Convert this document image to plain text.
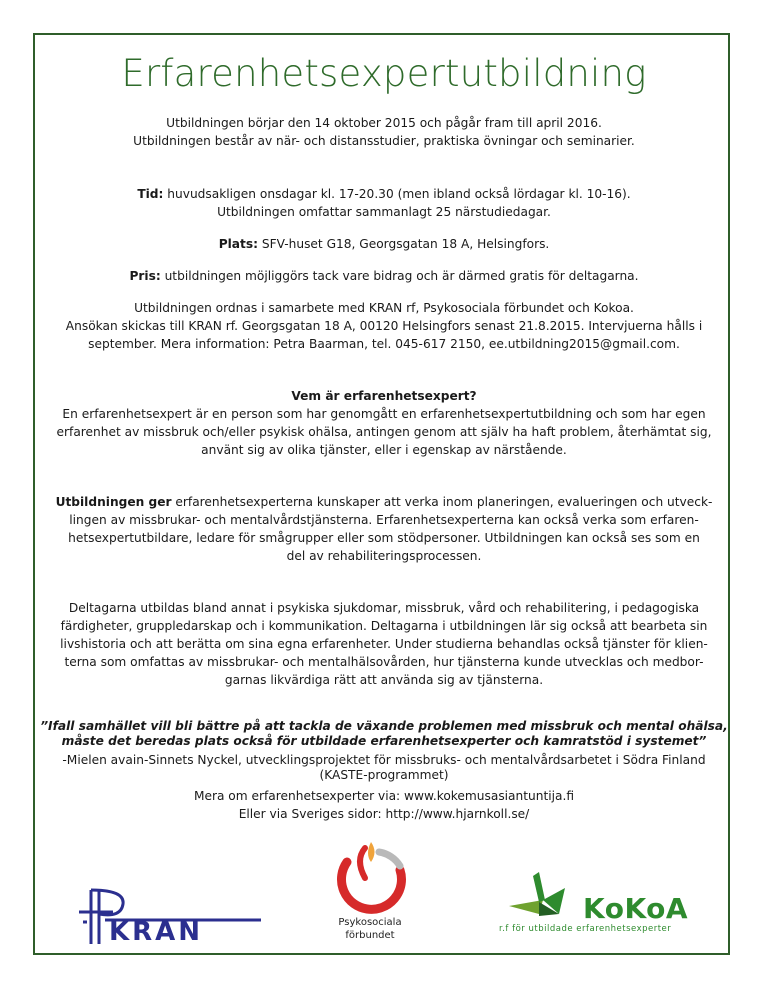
Erfarenhetsexpertutbildning

Utbildningen börjar den 14 oktober 2015 och pågår fram till april 2016.

Utbildningen består av när- och distansstudier, praktiska övningar och seminarier.

Tid: huvudsakligen onsdagar kl. 17-20.30 (men ibland också lördagar kl. 10-16).

Utbildningen omfattar sammanlagt 25 närstudiedagar.

Plats: SFV-huset G18, Georgsgatan 18 A, Helsingfors.

Pris: utbildningen möjliggörs tack vare bidrag och är därmed gratis för deltagarna.

Utbildningen ordnas i samarbete med KRAN rf, Psykosociala förbundet och Kokoa.

Ansökan skickas till KRAN rf. Georgsgatan 18 A, 00120 Helsingfors senast 21.8.2015. Intervjuerna hålls i

september. Mera information: Petra Baarman, tel. 045-617 2150, ee.utbildning2015@gmail.com.

Vem är erfarenhetsexpert?

En erfarenhetsexpert är en person som har genomgått en erfarenhetsexpertutbildning och som har egen

erfarenhet av missbruk och/eller psykisk ohälsa, antingen genom att själv ha haft problem, återhämtat sig,

använt sig av olika tjänster, eller i egenskap av närstående.

Utbildningen ger erfarenhetsexperterna kunskaper att verka inom planeringen, evalueringen och utveck-

lingen av missbrukar- och mentalvårdstjänsterna. Erfarenhetsexperterna kan också verka som erfaren-

hetsexpertutbildare, ledare för smågrupper eller som stödpersoner. Utbildningen kan också ses som en

del av rehabiliteringsprocessen.

Deltagarna utbildas bland annat i psykiska sjukdomar, missbruk, vård och rehabilitering, i pedagogiska

färdigheter, gruppledarskap och i kommunikation. Deltagarna i utbildningen lär sig också att bearbeta sin

livshistoria och att berätta om sina egna erfarenheter. Under studierna behandlas också tjänster för klien-

terna som omfattas av missbrukar- och mentalhälsovården, hur tjänsterna kunde utvecklas och medbor-

garnas likvärdiga rätt att använda sig av tjänsterna.

”Ifall samhället vill bli bättre på att tackla de växande problemen med missbruk och mental ohälsa,

måste det beredas plats också för utbildade erfarenhetsexperter och kamratstöd i systemet”

-Mielen avain-Sinnets Nyckel, utvecklingsprojektet för missbruks- och mentalvårdsarbetet i Södra Finland

(KASTE-programmet)

Mera om erfarenhetsexperter via: www.kokemusasiantuntija.fi

Eller via Sveriges sidor: http://www.hjarnkoll.se/

KRAN	Psykosociala
förbundet
KoKoA
r.f för utbildade erfarenhetsexperter
